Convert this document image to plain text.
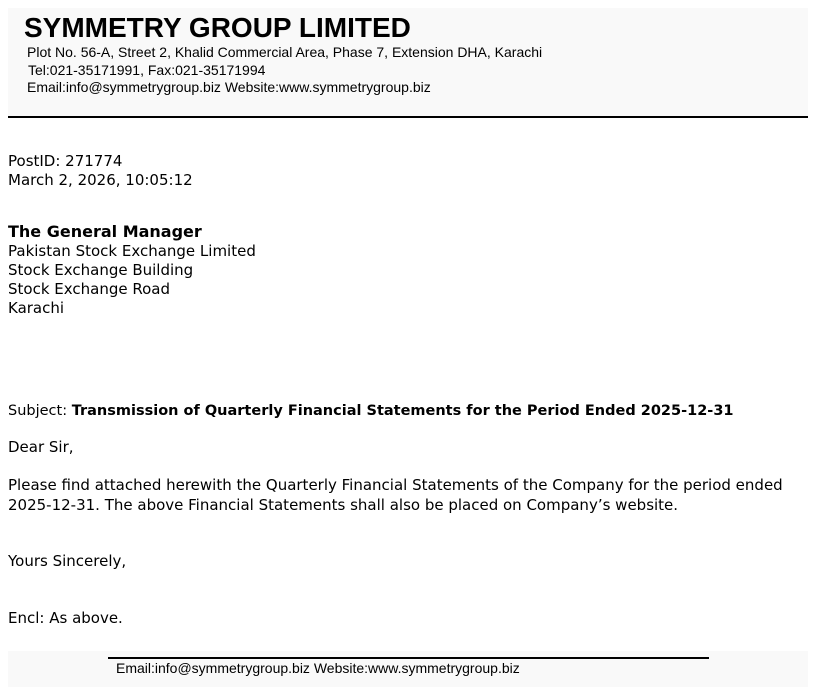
SYMMETRY GROUP LIMITED
Plot No. 56-A, Street 2, Khalid Commercial Area, Phase 7, Extension DHA, Karachi
Tel:021-35171991, Fax:021-35171994
Email:info@symmetrygroup.biz Website:www.symmetrygroup.biz
PostID: 271774
March 2, 2026, 10:05:12
The General Manager
Pakistan Stock Exchange Limited
Stock Exchange Building
Stock Exchange Road
Karachi
Subject: Transmission of Quarterly Financial Statements for the Period Ended 2025-12-31
Dear Sir,
Please find attached herewith the Quarterly Financial Statements of the Company for the period ended 2025-12-31. The above Financial Statements shall also be placed on Company’s website.
Yours Sincerely,
Encl: As above.
Email:info@symmetrygroup.biz Website:www.symmetrygroup.biz
